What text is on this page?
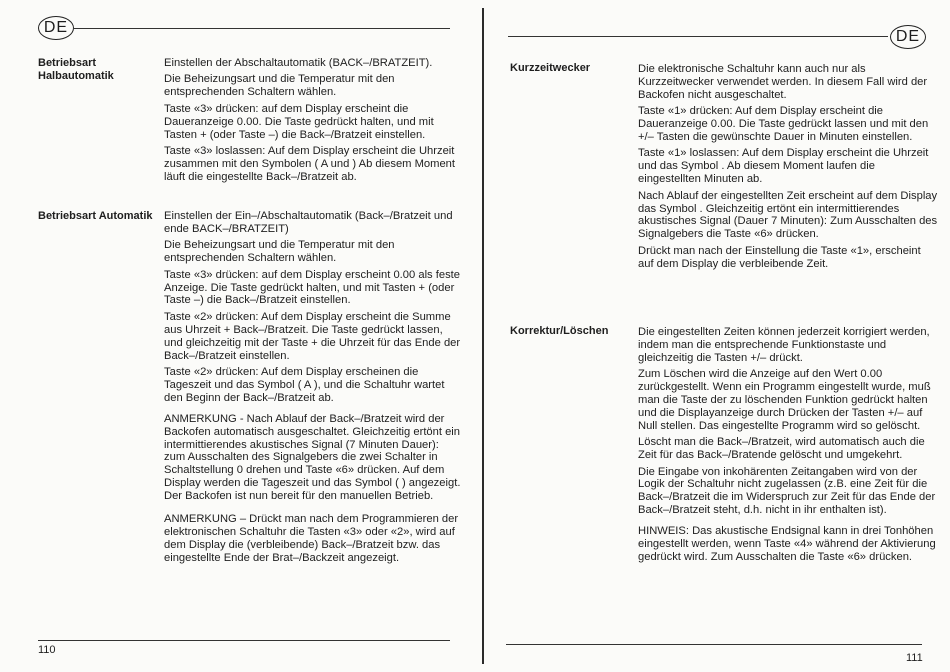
DE
Betriebsart
Halbautomatik

Einstellen der Abschaltautomatik (BACK–/BRATZEIT).

Die Beheizungsart und die Temperatur mit den entsprechenden Schaltern wählen.

Taste «3» drücken: auf dem Display erscheint die Daueranzeige 0.00. Die Taste gedrückt halten, und mit Tasten + (oder Taste –) die Back–/Bratzeit einstellen.

Taste «3» loslassen: Auf dem Display erscheint die Uhrzeit zusammen mit den Symbolen ( A und ) Ab diesem Moment läuft die eingestellte Back–/Bratzeit ab.

Betriebsart Automatik Einstellen der Ein–/Abschaltautomatik (Back–/Bratzeit und ende BACK–/BRATZEIT)

Die Beheizungsart und die Temperatur mit den entsprechenden Schaltern wählen.

Taste «3» drücken: auf dem Display erscheint 0.00 als feste Anzeige. Die Taste gedrückt halten, und mit Tasten + (oder Taste –) die Back–/Bratzeit einstellen.

Taste «2» drücken: Auf dem Display erscheint die Summe aus Uhrzeit + Back–/Bratzeit. Die Taste gedrückt lassen, und gleichzeitig mit der Taste + die Uhrzeit für das Ende der Back–/Bratzeit einstellen.

Taste «2» drücken: Auf dem Display erscheinen die Tageszeit und das Symbol ( A ), und die Schaltuhr wartet den Beginn der Back–/Bratzeit ab.

ANMERKUNG - Nach Ablauf der Back–/Bratzeit wird der Backofen automatisch ausgeschaltet. Gleichzeitig ertönt ein intermittierendes akustisches Signal (7 Minuten Dauer): zum Ausschalten des Signalgebers die zwei Schalter in Schaltstellung 0 drehen und Taste «6» drücken. Auf dem Display werden die Tageszeit und das Symbol ( ) angezeigt. Der Backofen ist nun bereit für den manuellen Betrieb.

ANMERKUNG – Drückt man nach dem Programmieren der elektronischen Schaltuhr die Tasten «3» oder «2», wird auf dem Display die (verbleibende) Back–/Bratzeit bzw. das eingestellte Ende der Brat–/Backzeit angezeigt.

110
DE
Kurzzeitwecker	Die elektronische Schaltuhr kann auch nur als Kurzzeitwecker verwendet werden. In diesem Fall wird der Backofen nicht ausgeschaltet.

Taste «1» drücken: Auf dem Display erscheint die Daueranzeige 0.00. Die Taste gedrückt lassen und mit den +/– Tasten die gewünschte Dauer in Minuten einstellen.

Taste «1» loslassen: Auf dem Display erscheint die Uhrzeit und das Symbol . Ab diesem Moment laufen die eingestellten Minuten ab.

Nach Ablauf der eingestellten Zeit erscheint auf dem Display das Symbol . Gleichzeitig ertönt ein intermittierendes akustisches Signal (Dauer 7 Minuten): Zum Ausschalten des Signalgebers die Taste «6» drücken.

Drückt man nach der Einstellung die Taste «1», erscheint auf dem Display die verbleibende Zeit.

Korrektur/Löschen	Die eingestellten Zeiten können jederzeit korrigiert werden, indem man die entsprechende Funktionstaste und gleichzeitig die Tasten +/– drückt.

Zum Löschen wird die Anzeige auf den Wert 0.00 zurückgestellt. Wenn ein Programm eingestellt wurde, muß man die Taste der zu löschenden Funktion gedrückt halten und die Displayanzeige durch Drücken der Tasten +/– auf Null stellen. Das eingestellte Programm wird so gelöscht.

Löscht man die Back–/Bratzeit, wird automatisch auch die Zeit für das Back–/Bratende gelöscht und umgekehrt.

Die Eingabe von inkohärenten Zeitangaben wird von der Logik der Schaltuhr nicht zugelassen (z.B. eine Zeit für die Back–/Bratzeit die im Widerspruch zur Zeit für das Ende der Back–/Bratzeit steht, d.h. nicht in ihr enthalten ist).

HINWEIS: Das akustische Endsignal kann in drei Tonhöhen eingestellt werden, wenn Taste «4» während der Aktivierung gedrückt wird. Zum Ausschalten die Taste «6» drücken.

111
